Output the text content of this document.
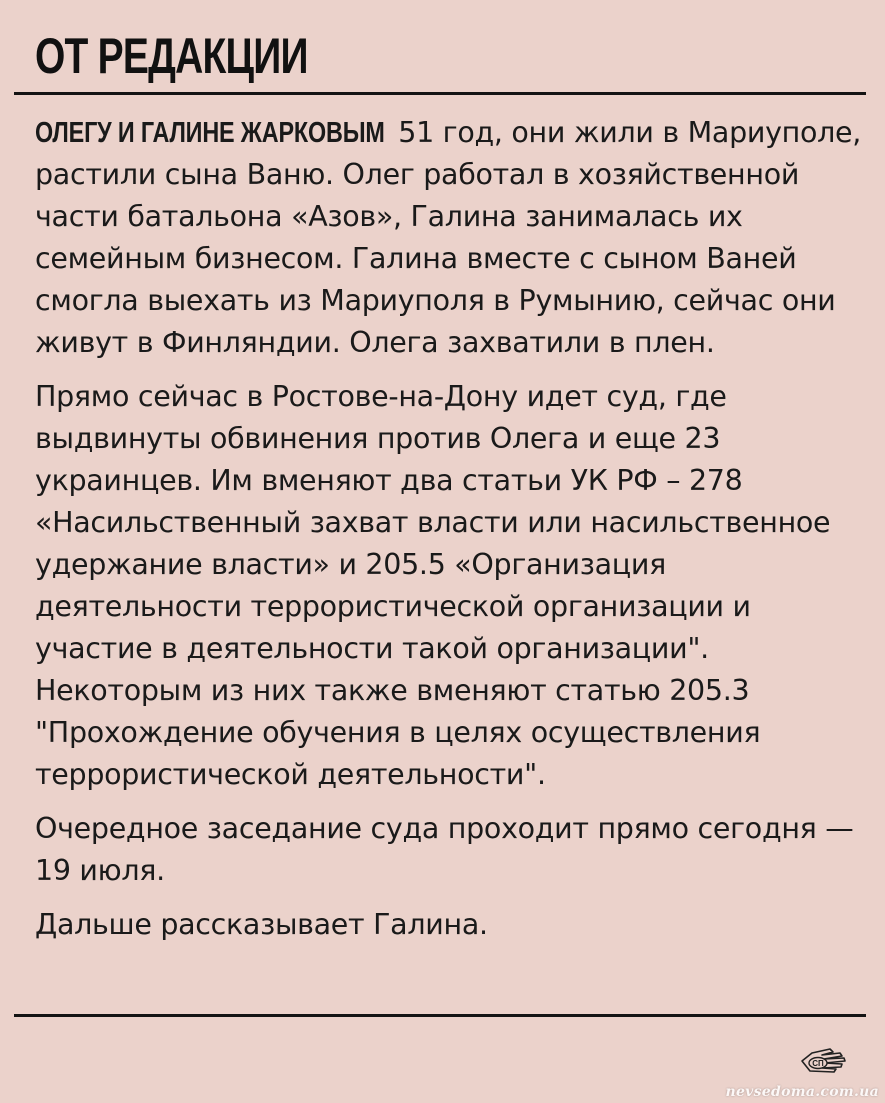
ОТ РЕДАКЦИИ

ОЛЕГУ И ГАЛИНЕ ЖАРКОВЫМ 51 год, они жили в Мариуполе, растили сына Ваню. Олег работал в хозяйственной части батальона «Азов», Галина занималась их семейным бизнесом. Галина вместе с сыном Ваней смогла выехать из Мариуполя в Румынию, сейчас они живут в Финляндии. Олега захватили в плен.

Прямо сейчас в Ростове-на-Дону идет суд, где выдвинуты обвинения против Олега и еще 23 украинцев. Им вменяют два статьи УК РФ – 278 «Насильственный захват власти или насильственное удержание власти» и 205.5 «Организация деятельности террористической организации и участие в деятельности такой организации". Некоторым из них также вменяют статью 205.3 "Прохождение обучения в целях осуществления террористической деятельности".

Очередное заседание суда проходит прямо сегодня — 19 июля.

Дальше рассказывает Галина.

СП
nevsedoma.com.ua
